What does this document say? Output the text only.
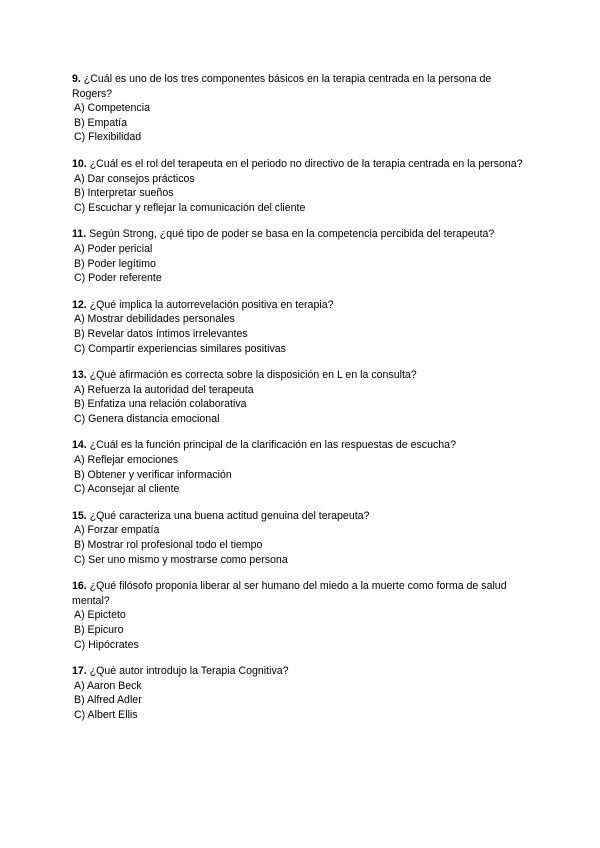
9. ¿Cuál es uno de los tres componentes básicos en la terapia centrada en la persona de Rogers?

A) Competencia

B) Empatía

C) Flexibilidad

10. ¿Cuál es el rol del terapeuta en el periodo no directivo de la terapia centrada en la persona?

A) Dar consejos prácticos

B) Interpretar sueños

C) Escuchar y reflejar la comunicación del cliente

11. Según Strong, ¿qué tipo de poder se basa en la competencia percibida del terapeuta?

A) Poder pericial

B) Poder legítimo

C) Poder referente

12. ¿Qué implica la autorrevelación positiva en terapia?

A) Mostrar debilidades personales

B) Revelar datos íntimos irrelevantes

C) Compartir experiencias similares positivas

13. ¿Qué afirmación es correcta sobre la disposición en L en la consulta?

A) Refuerza la autoridad del terapeuta

B) Enfatiza una relación colaborativa

C) Genera distancia emocional

14. ¿Cuál es la función principal de la clarificación en las respuestas de escucha?

A) Reflejar emociones

B) Obtener y verificar información

C) Aconsejar al cliente

15. ¿Qué caracteriza una buena actitud genuina del terapeuta?

A) Forzar empatía

B) Mostrar rol profesional todo el tiempo

C) Ser uno mismo y mostrarse como persona

16. ¿Qué filósofo proponía liberar al ser humano del miedo a la muerte como forma de salud mental?

A) Epicteto

B) Epicuro

C) Hipócrates

17. ¿Qué autor introdujo la Terapia Cognitiva?

A) Aaron Beck

B) Alfred Adler

C) Albert Ellis
